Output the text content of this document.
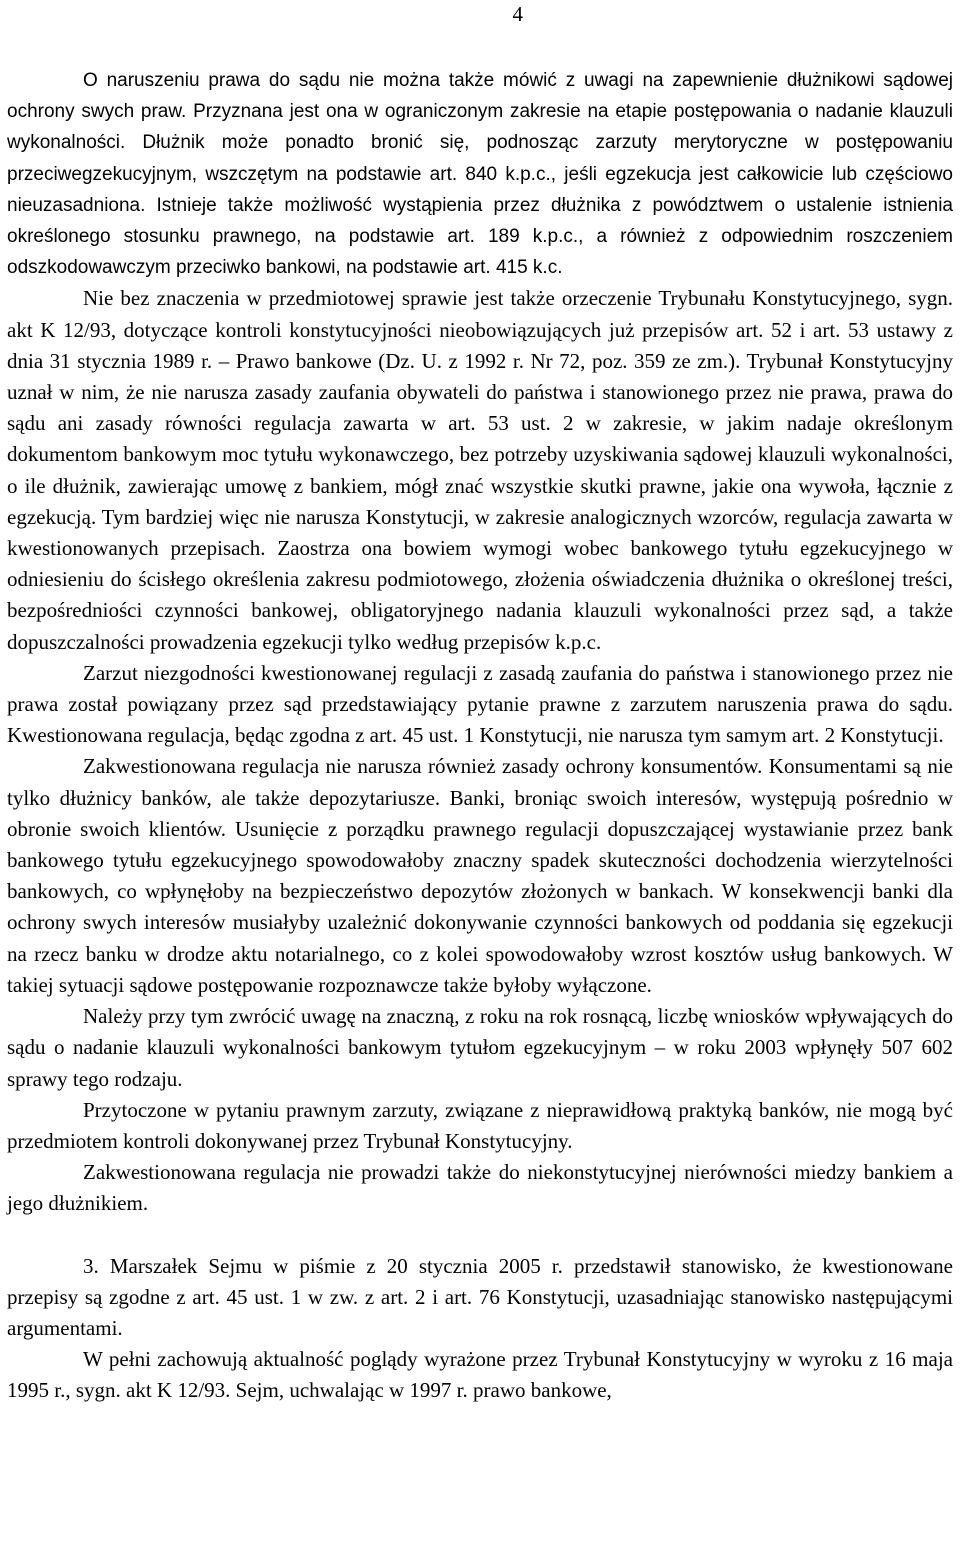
4

O naruszeniu prawa do sądu nie można także mówić z uwagi na zapewnienie dłużnikowi sądowej ochrony swych praw. Przyznana jest ona w ograniczonym zakresie na etapie postępowania o nadanie klauzuli wykonalności. Dłużnik może ponadto bronić się, podnosząc zarzuty merytoryczne w postępowaniu przeciwegzekucyjnym, wszczętym na podstawie art. 840 k.p.c., jeśli egzekucja jest całkowicie lub częściowo nieuzasadniona. Istnieje także możliwość wystąpienia przez dłużnika z powództwem o ustalenie istnienia określonego stosunku prawnego, na podstawie art. 189 k.p.c., a również z odpowiednim roszczeniem odszkodowawczym przeciwko bankowi, na podstawie art. 415 k.c.

Nie bez znaczenia w przedmiotowej sprawie jest także orzeczenie Trybunału Konstytucyjnego, sygn. akt K 12/93, dotyczące kontroli konstytucyjności nieobowiązujących już przepisów art. 52 i art. 53 ustawy z dnia 31 stycznia 1989 r. – Prawo bankowe (Dz. U. z 1992 r. Nr 72, poz. 359 ze zm.). Trybunał Konstytucyjny uznał w nim, że nie narusza zasady zaufania obywateli do państwa i stanowionego przez nie prawa, prawa do sądu ani zasady równości regulacja zawarta w art. 53 ust. 2 w zakresie, w jakim nadaje określonym dokumentom bankowym moc tytułu wykonawczego, bez potrzeby uzyskiwania sądowej klauzuli wykonalności, o ile dłużnik, zawierając umowę z bankiem, mógł znać wszystkie skutki prawne, jakie ona wywoła, łącznie z egzekucją. Tym bardziej więc nie narusza Konstytucji, w zakresie analogicznych wzorców, regulacja zawarta w kwestionowanych przepisach. Zaostrza ona bowiem wymogi wobec bankowego tytułu egzekucyjnego w odniesieniu do ścisłego określenia zakresu podmiotowego, złożenia oświadczenia dłużnika o określonej treści, bezpośredniości czynności bankowej, obligatoryjnego nadania klauzuli wykonalności przez sąd, a także dopuszczalności prowadzenia egzekucji tylko według przepisów k.p.c.

Zarzut niezgodności kwestionowanej regulacji z zasadą zaufania do państwa i stanowionego przez nie prawa został powiązany przez sąd przedstawiający pytanie prawne z zarzutem naruszenia prawa do sądu. Kwestionowana regulacja, będąc zgodna z art. 45 ust. 1 Konstytucji, nie narusza tym samym art. 2 Konstytucji.

Zakwestionowana regulacja nie narusza również zasady ochrony konsumentów. Konsumentami są nie tylko dłużnicy banków, ale także depozytariusze. Banki, broniąc swoich interesów, występują pośrednio w obronie swoich klientów. Usunięcie z porządku prawnego regulacji dopuszczającej wystawianie przez bank bankowego tytułu egzekucyjnego spowodowałoby znaczny spadek skuteczności dochodzenia wierzytelności bankowych, co wpłynęłoby na bezpieczeństwo depozytów złożonych w bankach. W konsekwencji banki dla ochrony swych interesów musiałyby uzależnić dokonywanie czynności bankowych od poddania się egzekucji na rzecz banku w drodze aktu notarialnego, co z kolei spowodowałoby wzrost kosztów usług bankowych. W takiej sytuacji sądowe postępowanie rozpoznawcze także byłoby wyłączone.

Należy przy tym zwrócić uwagę na znaczną, z roku na rok rosnącą, liczbę wniosków wpływających do sądu o nadanie klauzuli wykonalności bankowym tytułom egzekucyjnym – w roku 2003 wpłynęły 507 602 sprawy tego rodzaju.

Przytoczone w pytaniu prawnym zarzuty, związane z nieprawidłową praktyką banków, nie mogą być przedmiotem kontroli dokonywanej przez Trybunał Konstytucyjny.

Zakwestionowana regulacja nie prowadzi także do niekonstytucyjnej nierówności miedzy bankiem a jego dłużnikiem.

3. Marszałek Sejmu w piśmie z 20 stycznia 2005 r. przedstawił stanowisko, że kwestionowane przepisy są zgodne z art. 45 ust. 1 w zw. z art. 2 i art. 76 Konstytucji, uzasadniając stanowisko następującymi argumentami.

W pełni zachowują aktualność poglądy wyrażone przez Trybunał Konstytucyjny w wyroku z 16 maja 1995 r., sygn. akt K 12/93. Sejm, uchwalając w 1997 r. prawo bankowe,
